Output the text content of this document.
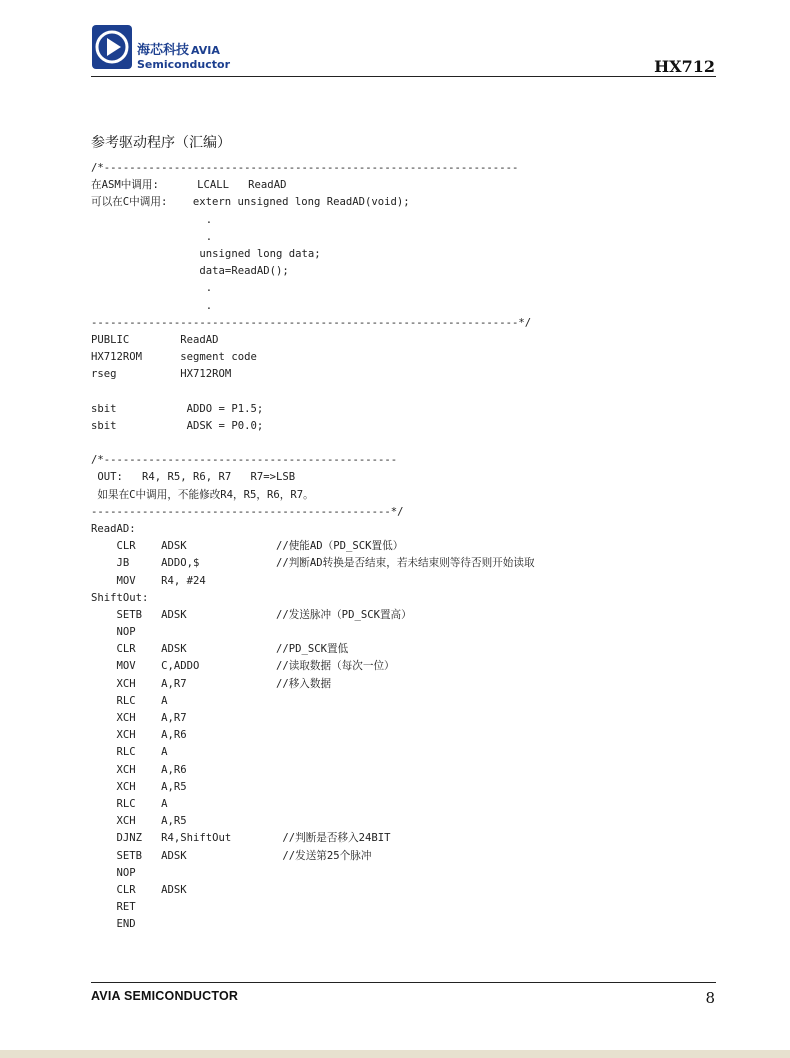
海芯科技 AVIA
Semiconductor	HX712
参考驱动程序（汇编）
/*-----------------------------------------------------------------
在ASM中调用:      LCALL   ReadAD
可以在C中调用:    extern unsigned long ReadAD(void);
.
.
unsigned long data;
data=ReadAD();
.
.
-------------------------------------------------------------------*/
PUBLIC        ReadAD
HX712ROM      segment code
rseg          HX712ROM
sbit           ADDO = P1.5;
sbit           ADSK = P0.0;
/*----------------------------------------------
OUT:   R4, R5, R6, R7   R7=>LSB
如果在C中调用，不能修改R4，R5，R6，R7。
-----------------------------------------------*/
ReadAD:
CLR    ADSK              //使能AD（PD_SCK置低）
JB     ADDO,$            //判断AD转换是否结束，若未结束则等待否则开始读取
MOV    R4, #24
ShiftOut:
SETB   ADSK              //发送脉冲（PD_SCK置高）
NOP
CLR    ADSK              //PD_SCK置低
MOV    C,ADDO            //读取数据（每次一位）
XCH    A,R7              //移入数据
RLC    A
XCH    A,R7
XCH    A,R6
RLC    A
XCH    A,R6
XCH    A,R5
RLC    A
XCH    A,R5
DJNZ   R4,ShiftOut        //判断是否移入24BIT
SETB   ADSK               //发送第25个脉冲
NOP
CLR    ADSK
RET
END
AVIA SEMICONDUCTOR	8
